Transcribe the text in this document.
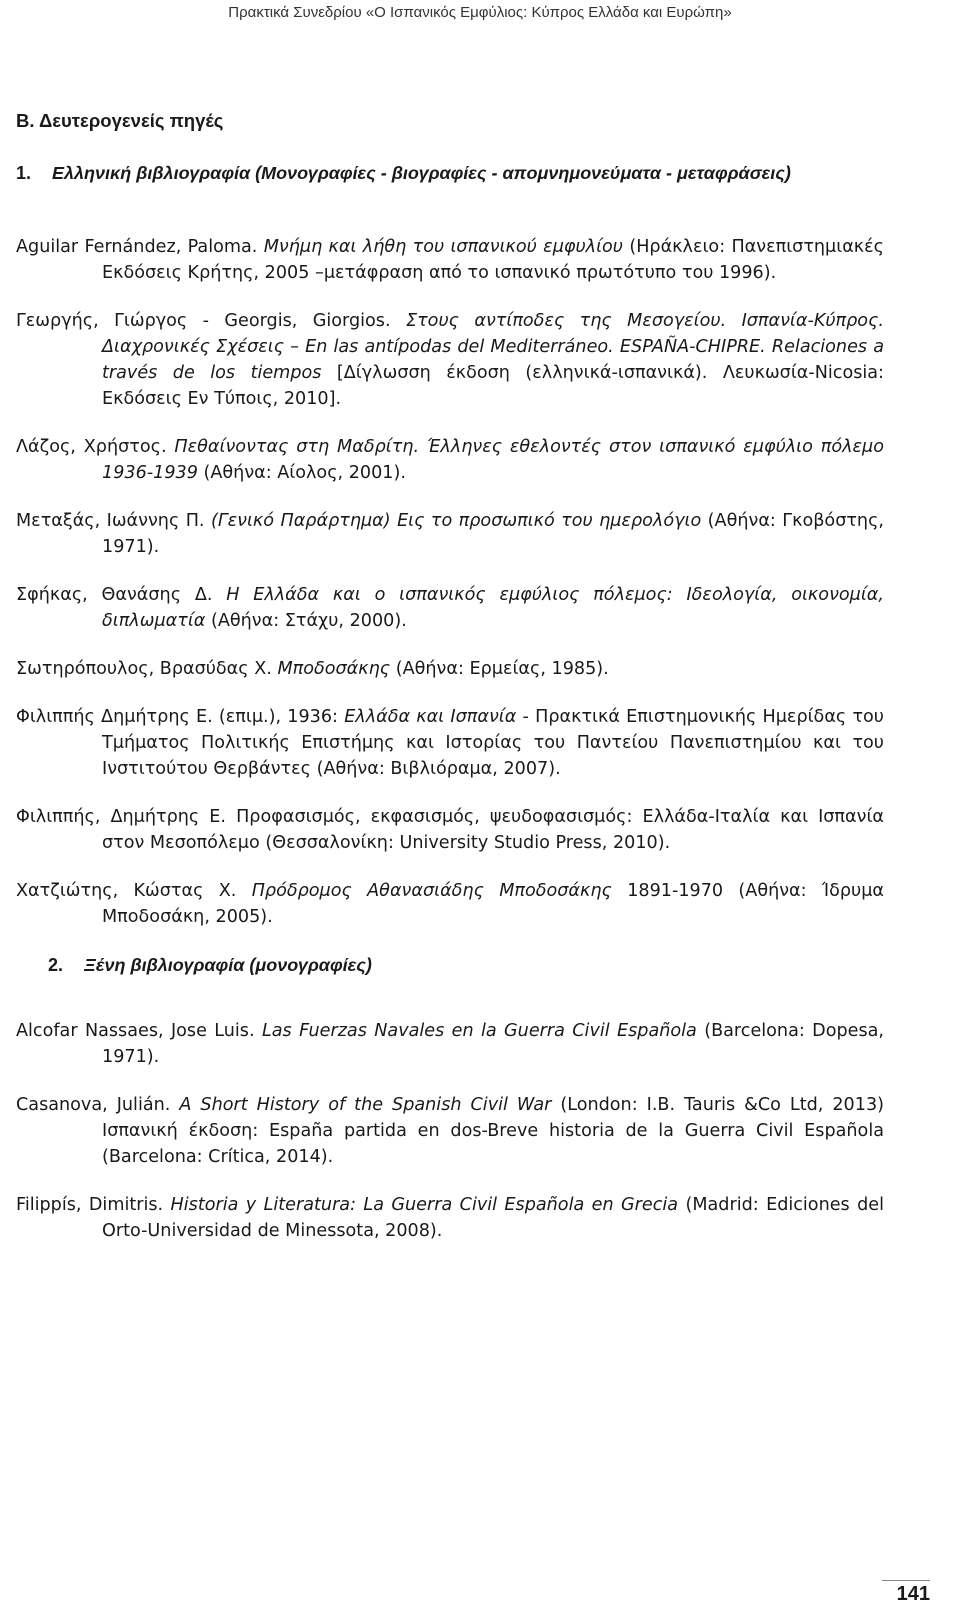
Πρακτικά Συνεδρίου «Ο Ισπανικός Εμφύλιος: Κύπρος Ελλάδα και Ευρώπη»
Β. Δευτερογενείς πηγές
1. Ελληνική βιβλιογραφία (Μονογραφίες - βιογραφίες - απομνημονεύματα - μεταφράσεις)

Aguilar Fernández, Paloma. Μνήμη και λήθη του ισπανικού εμφυλίου (Ηράκλειο: Πανεπιστημιακές Εκδόσεις Κρήτης, 2005 –μετάφραση από το ισπανικό πρωτότυπο του 1996).

Γεωργής, Γιώργος - Georgis, Giorgios. Στους αντίποδες της Μεσογείου. Ισπανία-Κύπρος. Διαχρονικές Σχέσεις – En las antípodas del Mediterráneo. ESPAÑA-CHIPRE. Relaciones a través de los tiempos [Δίγλωσση έκδοση (ελληνικά-ισπανικά). Λευκωσία-Nicosia: Εκδόσεις Εν Τύποις, 2010].

Λάζος, Χρήστος. Πεθαίνοντας στη Μαδρίτη. Έλληνες εθελοντές στον ισπανικό εμφύλιο πόλεμο 1936-1939 (Αθήνα: Αίολος, 2001).

Μεταξάς, Ιωάννης Π. (Γενικό Παράρτημα) Εις το προσωπικό του ημερολόγιο (Αθήνα: Γκοβόστης, 1971).

Σφήκας, Θανάσης Δ. Η Ελλάδα και ο ισπανικός εμφύλιος πόλεμος: Ιδεολογία, οικονομία, διπλωματία (Αθήνα: Στάχυ, 2000).

Σωτηρόπουλος, Βρασύδας Χ. Μποδοσάκης (Αθήνα: Ερμείας, 1985).

Φιλιππής Δημήτρης Ε. (επιμ.), 1936: Ελλάδα και Ισπανία - Πρακτικά Επιστημονικής Ημερίδας του Τμήματος Πολιτικής Επιστήμης και Ιστορίας του Παντείου Πανεπιστημίου και του Ινστιτούτου Θερβάντες (Αθήνα: Βιβλιόραμα, 2007).

Φιλιππής, Δημήτρης Ε. Προφασισμός, εκφασισμός, ψευδοφασισμός: Ελλάδα-Ιταλία και Ισπανία στον Μεσοπόλεμο (Θεσσαλονίκη: University Studio Press, 2010).

Χατζιώτης, Κώστας Χ. Πρόδρομος Αθανασιάδης Μποδοσάκης 1891-1970 (Αθήνα: Ίδρυμα Μποδοσάκη, 2005).

2. Ξένη βιβλιογραφία (μονογραφίες)

Alcofar Nassaes, Jose Luis. Las Fuerzas Navales en la Guerra Civil Española (Barcelona: Dopesa, 1971).

Casanova, Julián. A Short History of the Spanish Civil War (London: I.B. Tauris &Co Ltd, 2013) Ισπανική έκδοση: España partida en dos-Breve historia de la Guerra Civil Española (Barcelona: Crítica, 2014).

Filippís, Dimitris. Historia y Literatura: La Guerra Civil Española en Grecia (Madrid: Ediciones del Orto-Universidad de Minessota, 2008).

141
